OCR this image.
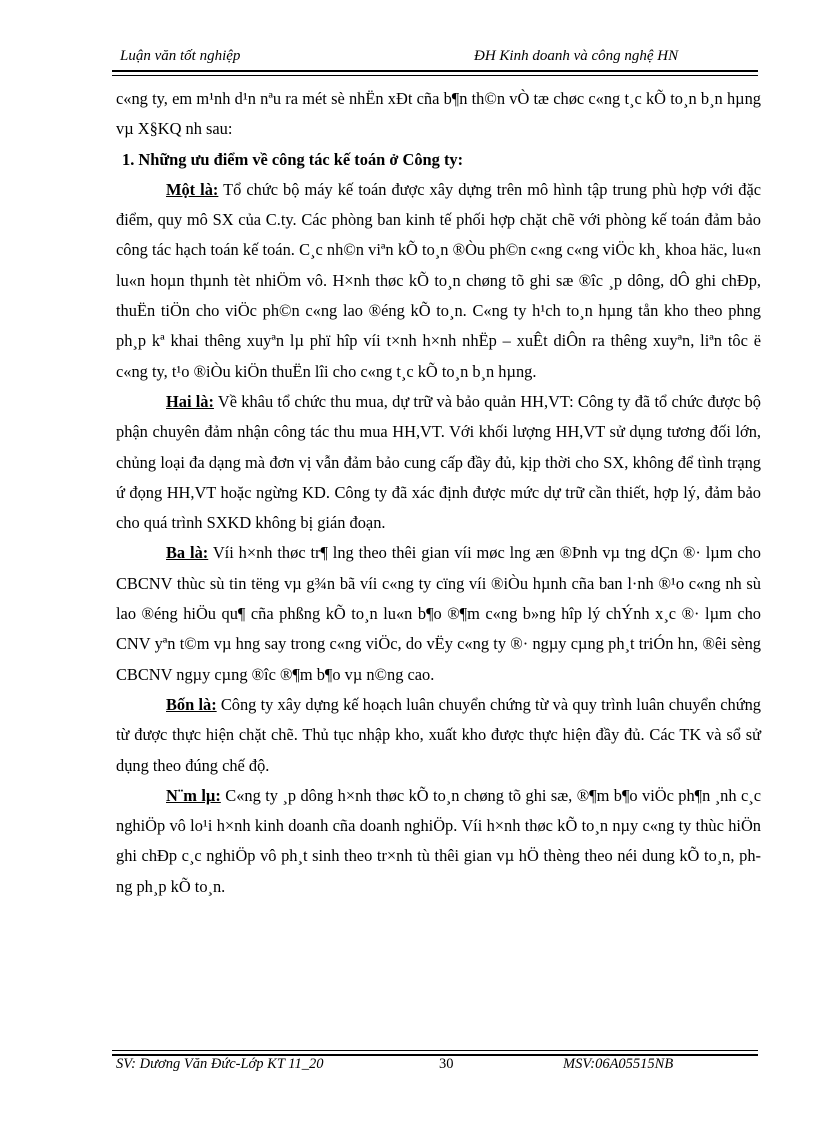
Luận văn tốt nghiệp	ĐH Kinh doanh và công nghệ HN

c«ng ty, em m¹nh d¹n nªu ra mét sè nhËn xÐt cña b¶n th©n vÒ tæ chøc c«ng t¸c kÕ to¸n b¸n hµng vµ X§KQ nh sau:

1. Những ưu điểm về công tác kế toán ở Công ty:

Một là: Tổ chức bộ máy kế toán được xây dựng trên mô hình tập trung phù hợp với đặc điểm, quy mô SX của C.ty. Các phòng ban kinh tế phối hợp chặt chẽ với phòng kế toán đảm bảo công tác hạch toán kế toán. C¸c nh©n viªn kÕ to¸n ®Òu ph©n c«ng c«ng viÖc kh¸ khoa häc, lu«n lu«n hoµn thµnh tèt nhiÖm vô. H×nh thøc kÕ to¸n chøng tõ ghi sæ ®îc ¸p dông, dÔ ghi chÐp, thuËn tiÖn cho viÖc ph©n c«ng lao ®éng kÕ to¸n. C«ng ty h¹ch to¸n hµng tån kho theo phng ph¸p kª khai thêng xuyªn lµ phï hîp víi t×nh h×nh nhËp – xuÊt diÔn ra thêng xuyªn, liªn tôc ë c«ng ty, t¹o ®iÒu kiÖn thuËn lîi cho c«ng t¸c kÕ to¸n b¸n hµng.

Hai là: Về khâu tổ chức thu mua, dự trữ và bảo quản HH,VT: Công ty đã tổ chức được bộ phận chuyên đảm nhận công tác thu mua HH,VT. Với khối lượng HH,VT sử dụng tương đối lớn, chủng loại đa dạng mà đơn vị vẫn đảm bảo cung cấp đầy đủ, kịp thời cho SX, không để tình trạng ứ đọng HH,VT hoặc ngừng KD. Công ty đã xác định được mức dự trữ cần thiết, hợp lý, đảm bảo cho quá trình SXKD không bị gián đoạn.

Ba là: Víi h×nh thøc tr¶ lng theo thêi gian víi møc lng æn ®Þnh vµ tng dÇn ®· lµm cho CBCNV thùc sù tin tëng vµ g¾n bã víi c«ng ty cïng víi ®iÒu hµnh cña ban l·nh ®¹o c«ng nh sù lao ®éng hiÖu qu¶ cña phßng kÕ to¸n lu«n b¶o ®¶m c«ng b»ng hîp lý chÝnh x¸c ®· lµm cho CNV yªn t©m vµ hng say trong c«ng viÖc, do vËy c«ng ty ®· ngµy cµng ph¸t triÓn hn, ®êi sèng CBCNV ngµy cµng ®îc ®¶m b¶o vµ n©ng cao.

Bốn là: Công ty xây dựng kế hoạch luân chuyển chứng từ và quy trình luân chuyển chứng từ được thực hiện chặt chẽ. Thủ tục nhập kho, xuất kho được thực hiện đầy đủ. Các TK và sổ sử dụng theo đúng chế độ.

N¨m lµ: C«ng ty ¸p dông h×nh thøc kÕ to¸n chøng tõ ghi sæ, ®¶m b¶o viÖc ph¶n ¸nh c¸c nghiÖp vô lo¹i h×nh kinh doanh cña doanh nghiÖp. Víi h×nh thøc kÕ to¸n nµy c«ng ty thùc hiÖn ghi chÐp c¸c nghiÖp vô ph¸t sinh theo tr×nh tù thêi gian vµ hÖ thèng theo néi dung kÕ to¸n, phng ph¸p kÕ to¸n.

SV: Dương Văn Đức-Lớp KT 11_20	30	MSV:06A05515NB
